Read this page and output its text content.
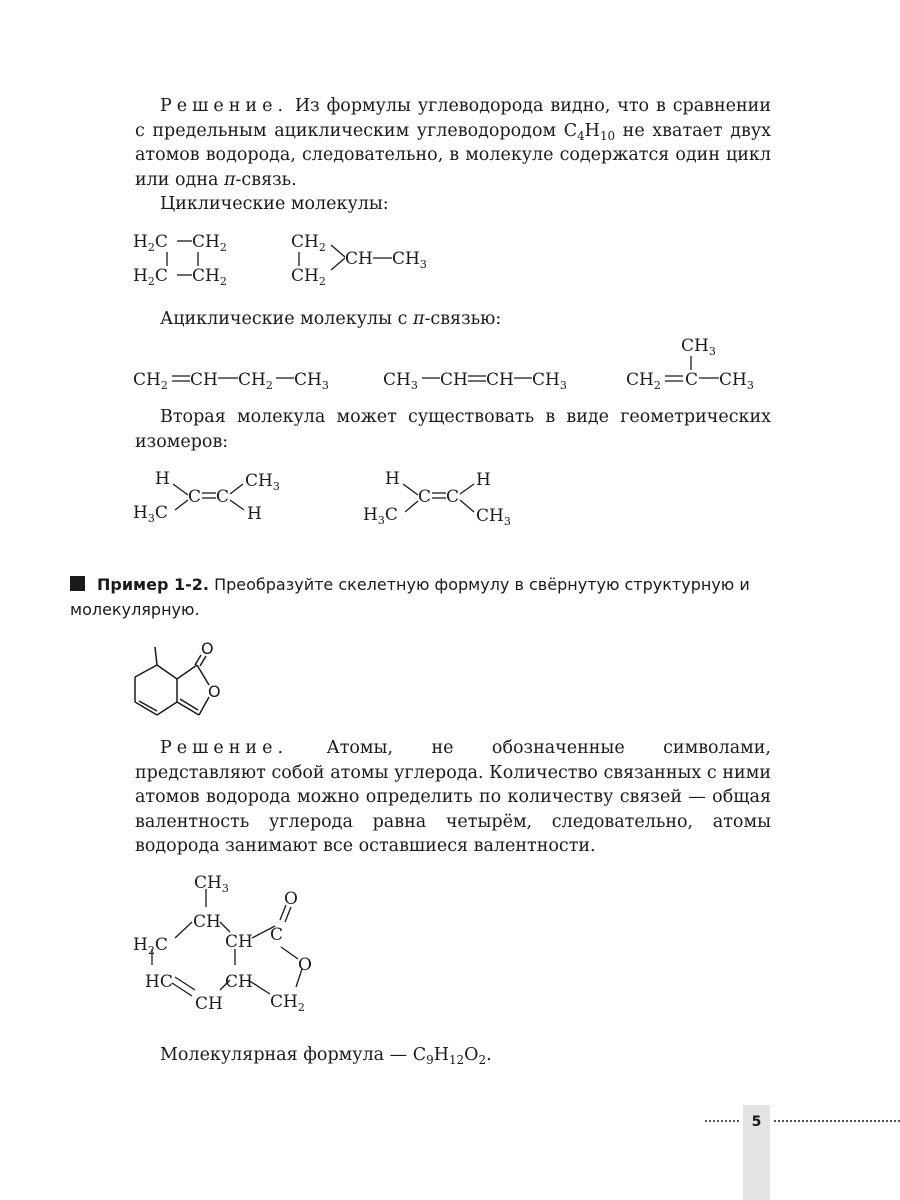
Решение. Из формулы углеводорода видно, что в сравнении с предельным ациклическим углеводородом $C_4H_{10}$ не хватает двух атомов водорода, следовательно, в молекуле содержатся один цикл или одна π-связь.

Циклические молекулы:

$H_2C$ $CH_2$
$H_2C$ $CH_2$
$CH_2$
$CH_2$
CH $CH_3$

Ациклические молекулы с π-связью:

$CH_2$ CH $CH_2$ $CH_3$	$CH_3$ CH CH $CH_3$
$CH_3$
$CH_2$ C $CH_3$

Вторая молекула может существовать в виде геометрических изомеров:

H
$H_3C$
C C
$CH_3$
H
H
$H_3C$
C C
H
$CH_3$

Пример 1-2. Преобразуйте скелетную формулу в свёрнутую структурную и молекулярную.

O
O

Решение. Атомы, не обозначенные символами, представляют собой атомы углерода. Количество связанных с ними атомов водорода можно определить по количеству связей — общая валентность углерода равна четырём, следовательно, атомы водорода занимают все оставшиеся валентности.

$CH_3$
CH
O
$H_2C$	CH C
O
HC	CH
CH	$CH_2$

Молекулярная формула — $C_9H_{12}O_2$.

5
